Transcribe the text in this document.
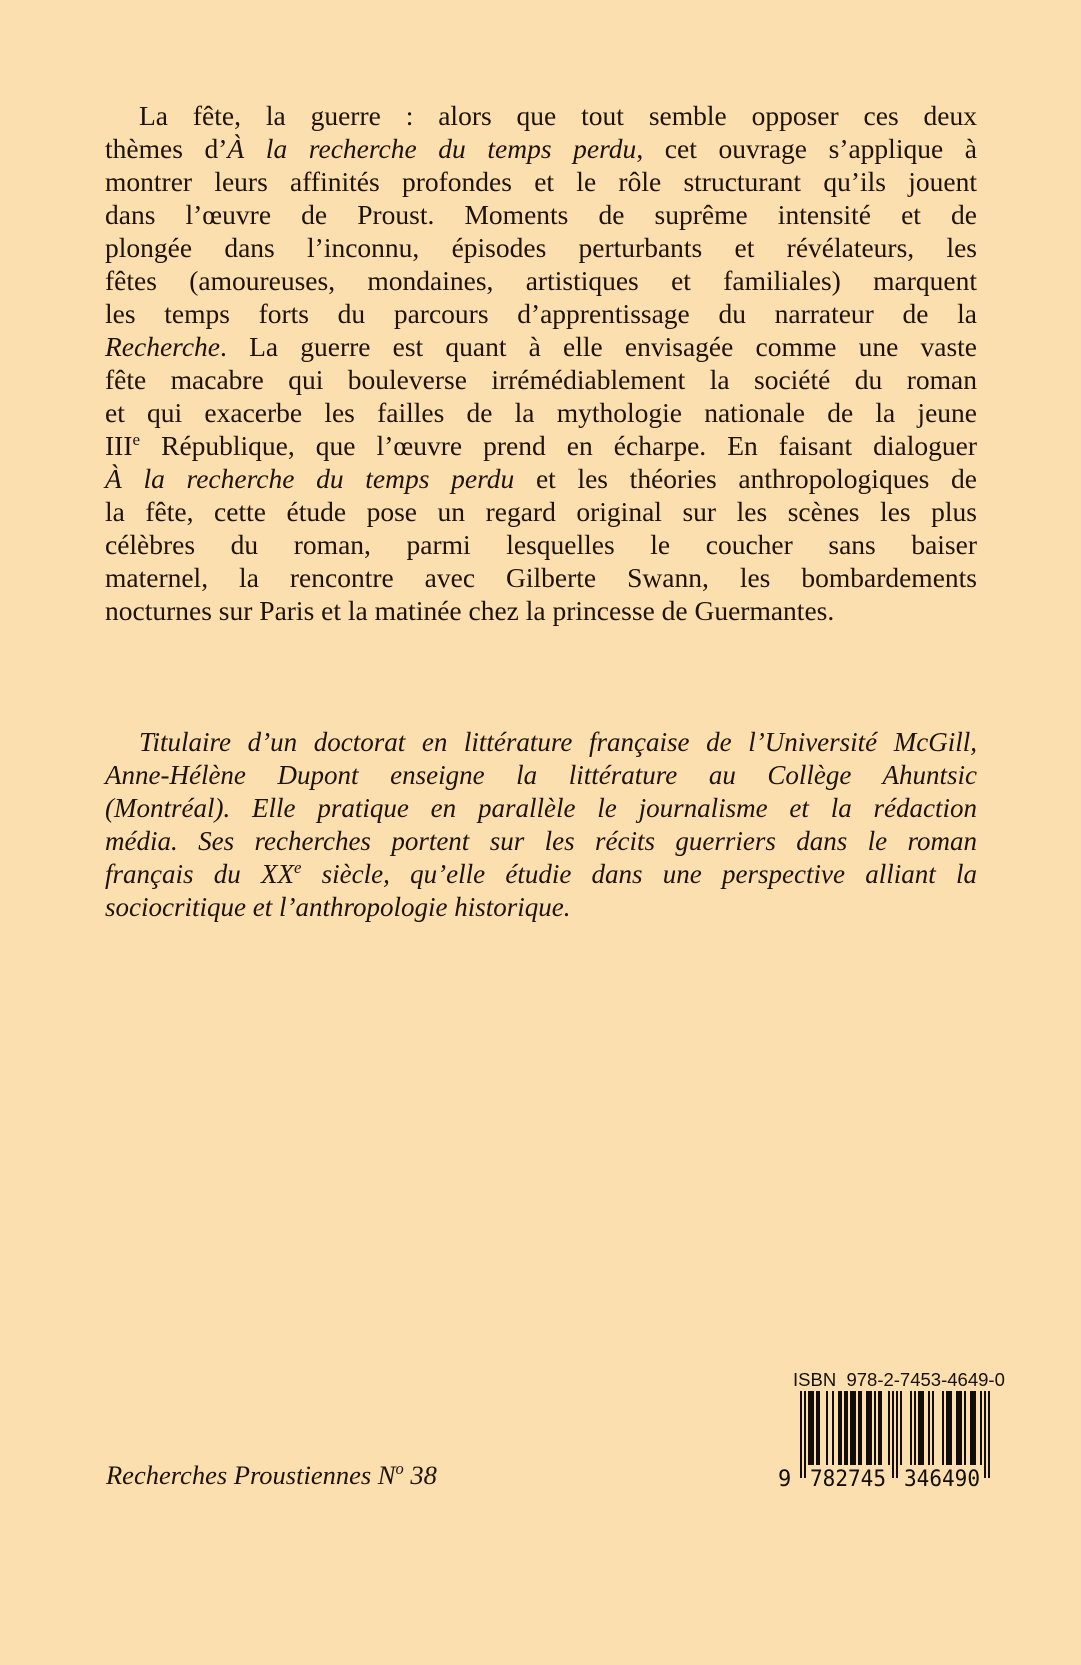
La fête, la guerre : alors que tout semble opposer ces deux
thèmes d’À la recherche du temps perdu, cet ouvrage s’applique à
montrer leurs affinités profondes et le rôle structurant qu’ils jouent
dans l’œuvre de Proust. Moments de suprême intensité et de
plongée dans l’inconnu, épisodes perturbants et révélateurs, les
fêtes (amoureuses, mondaines, artistiques et familiales) marquent
les temps forts du parcours d’apprentissage du narrateur de la
Recherche. La guerre est quant à elle envisagée comme une vaste
fête macabre qui bouleverse irrémédiablement la société du roman
et qui exacerbe les failles de la mythologie nationale de la jeune
IIIe République, que l’œuvre prend en écharpe. En faisant dialoguer
À la recherche du temps perdu et les théories anthropologiques de
la fête, cette étude pose un regard original sur les scènes les plus
célèbres du roman, parmi lesquelles le coucher sans baiser
maternel, la rencontre avec Gilberte Swann, les bombardements
nocturnes sur Paris et la matinée chez la princesse de Guermantes.
Titulaire d’un doctorat en littérature française de l’Université McGill,
Anne-Hélène Dupont enseigne la littérature au Collège Ahuntsic
(Montréal). Elle pratique en parallèle le journalisme et la rédaction
média. Ses recherches portent sur les récits guerriers dans le roman
français du XXe siècle, qu’elle étudie dans une perspective alliant la
sociocritique et l’anthropologie historique.
Recherches Proustiennes $N^o$ 38
ISBN  978-2-7453-4649-0
9 782745 346490
